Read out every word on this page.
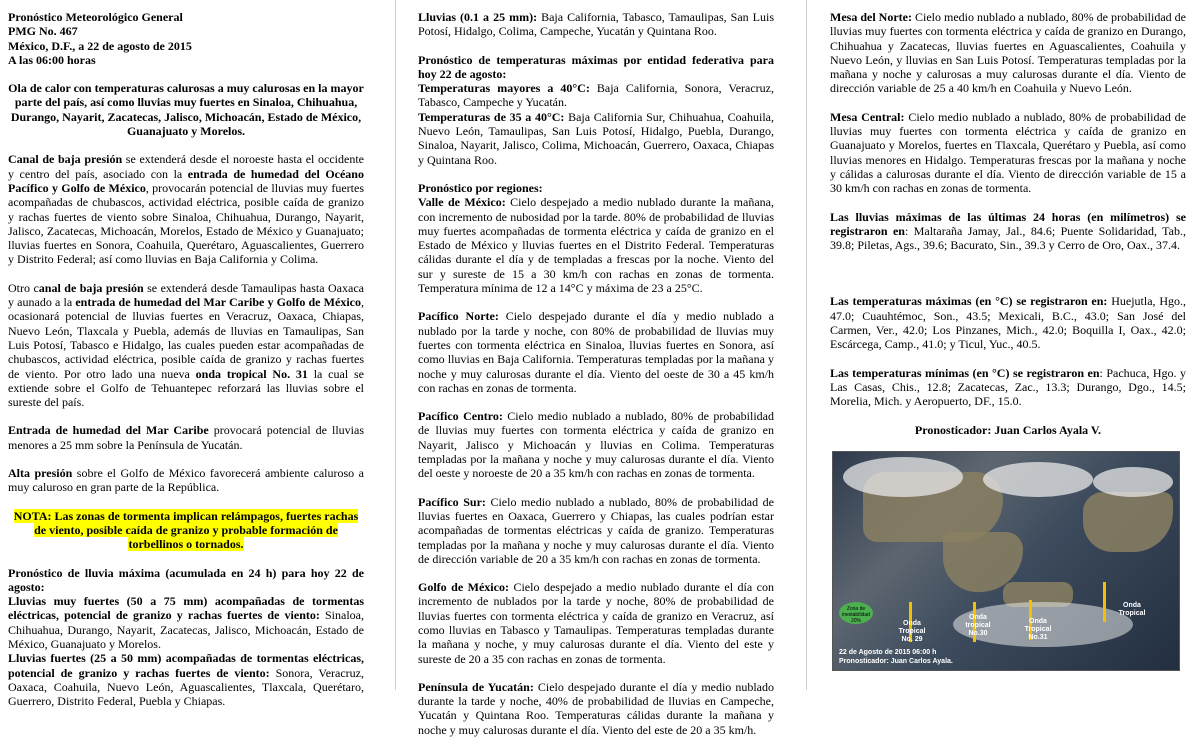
Pronóstico Meteorológico General

PMG No. 467

México, D.F., a 22 de agosto de 2015

A las 06:00 horas

Ola de calor con temperaturas calurosas a muy calurosas en la mayor parte del país, así como lluvias muy fuertes en Sinaloa, Chihuahua, Durango, Nayarit, Zacatecas, Jalisco, Michoacán, Estado de México, Guanajuato y Morelos.

Canal de baja presión se extenderá desde el noroeste hasta el occidente y centro del país, asociado con la entrada de humedad del Océano Pacífico y Golfo de México, provocarán potencial de lluvias muy fuertes acompañadas de chubascos, actividad eléctrica, posible caída de granizo y rachas fuertes de viento sobre Sinaloa, Chihuahua, Durango, Nayarit, Jalisco, Zacatecas, Michoacán, Morelos, Estado de México y Guanajuato; lluvias fuertes en Sonora, Coahuila, Querétaro, Aguascalientes, Guerrero y Distrito Federal; así como lluvias en Baja California y Colima.

Otro canal de baja presión se extenderá desde Tamaulipas hasta Oaxaca y aunado a la entrada de humedad del Mar Caribe y Golfo de México, ocasionará potencial de lluvias fuertes en Veracruz, Oaxaca, Chiapas, Nuevo León, Tlaxcala y Puebla, además de lluvias en Tamaulipas, San Luis Potosí, Tabasco e Hidalgo, las cuales pueden estar acompañadas de chubascos, actividad eléctrica, posible caída de granizo y rachas fuertes de viento. Por otro lado una nueva onda tropical No. 31 la cual se extiende sobre el Golfo de Tehuantepec reforzará las lluvias sobre el sureste del país.

Entrada de humedad del Mar Caribe provocará potencial de lluvias menores a 25 mm sobre la Península de Yucatán.

Alta presión sobre el Golfo de México favorecerá ambiente caluroso a muy caluroso en gran parte de la República.

NOTA: Las zonas de tormenta implican relámpagos, fuertes rachas de viento, posible caída de granizo y probable formación de torbellinos o tornados.

Pronóstico de lluvia máxima (acumulada en 24 h) para hoy 22 de agosto:

Lluvias muy fuertes (50 a 75 mm) acompañadas de tormentas eléctricas, potencial de granizo y rachas fuertes de viento: Sinaloa, Chihuahua, Durango, Nayarit, Zacatecas, Jalisco, Michoacán, Estado de México, Guanajuato y Morelos.

Lluvias fuertes (25 a 50 mm) acompañadas de tormentas eléctricas, potencial de granizo y rachas fuertes de viento: Sonora, Veracruz, Oaxaca, Coahuila, Nuevo León, Aguascalientes, Tlaxcala, Querétaro, Guerrero, Distrito Federal, Puebla y Chiapas.

Lluvias (0.1 a 25 mm): Baja California, Tabasco, Tamaulipas, San Luis Potosí, Hidalgo, Colima, Campeche, Yucatán y Quintana Roo.

Pronóstico de temperaturas máximas por entidad federativa para hoy 22 de agosto:

Temperaturas mayores a 40°C: Baja California, Sonora, Veracruz, Tabasco, Campeche y Yucatán.

Temperaturas de 35 a 40°C: Baja California Sur, Chihuahua, Coahuila, Nuevo León, Tamaulipas, San Luis Potosí, Hidalgo, Puebla, Durango, Sinaloa, Nayarit, Jalisco, Colima, Michoacán, Guerrero, Oaxaca, Chiapas y Quintana Roo.

Pronóstico por regiones:

Valle de México: Cielo despejado a medio nublado durante la mañana, con incremento de nubosidad por la tarde. 80% de probabilidad de lluvias muy fuertes acompañadas de tormenta eléctrica y caída de granizo en el Estado de México y lluvias fuertes en el Distrito Federal. Temperaturas cálidas durante el día y de templadas a frescas por la noche. Viento del sur y sureste de 15 a 30 km/h con rachas en zonas de tormenta. Temperatura mínima de 12 a 14°C y máxima de 23 a 25°C.

Pacífico Norte: Cielo despejado durante el día y medio nublado a nublado por la tarde y noche, con 80% de probabilidad de lluvias muy fuertes con tormenta eléctrica en Sinaloa, lluvias fuertes en Sonora, así como lluvias en Baja California. Temperaturas templadas por la mañana y noche y muy calurosas durante el día. Viento del oeste de 30 a 45 km/h con rachas en zonas de tormenta.

Pacífico Centro: Cielo medio nublado a nublado, 80% de probabilidad de lluvias muy fuertes con tormenta eléctrica y caída de granizo en Nayarit, Jalisco y Michoacán y lluvias en Colima. Temperaturas templadas por la mañana y noche y muy calurosas durante el día. Viento del oeste y noroeste de 20 a 35 km/h con rachas en zonas de tormenta.

Pacífico Sur: Cielo medio nublado a nublado, 80% de probabilidad de lluvias fuertes en Oaxaca, Guerrero y Chiapas, las cuales podrían estar acompañadas de tormentas eléctricas y caída de granizo. Temperaturas templadas por la mañana y noche y muy calurosas durante el día. Viento de dirección variable de 20 a 35 km/h con rachas en zonas de tormenta.

Golfo de México: Cielo despejado a medio nublado durante el día con incremento de nublados por la tarde y noche, 80% de probabilidad de lluvias fuertes con tormenta eléctrica y caída de granizo en Veracruz, así como lluvias en Tabasco y Tamaulipas. Temperaturas templadas durante la mañana y noche, y muy calurosas durante el día. Viento del este y sureste de 20 a 35 con rachas en zonas de tormenta.

Península de Yucatán: Cielo despejado durante el día y medio nublado durante la tarde y noche, 40% de probabilidad de lluvias en Campeche, Yucatán y Quintana Roo. Temperaturas cálidas durante la mañana y noche y muy calurosas durante el día. Viento del este de 20 a 35 km/h.

Mesa del Norte: Cielo medio nublado a nublado, 80% de probabilidad de lluvias muy fuertes con tormenta eléctrica y caída de granizo en Durango, Chihuahua y Zacatecas, lluvias fuertes en Aguascalientes, Coahuila y Nuevo León, y lluvias en San Luis Potosí. Temperaturas templadas por la mañana y noche y calurosas a muy calurosas durante el día. Viento de dirección variable de 25 a 40 km/h en Coahuila y Nuevo León.

Mesa Central: Cielo medio nublado a nublado, 80% de probabilidad de lluvias muy fuertes con tormenta eléctrica y caída de granizo en Guanajuato y Morelos, fuertes en Tlaxcala, Querétaro y Puebla, así como lluvias menores en Hidalgo. Temperaturas frescas por la mañana y noche y cálidas a calurosas durante el día. Viento de dirección variable de 15 a 30 km/h con rachas en zonas de tormenta.

Las lluvias máximas de las últimas 24 horas (en milímetros) se registraron en: Maltaraña Jamay, Jal., 84.6; Puente Solidaridad, Tab., 39.8; Piletas, Ags., 39.6; Bacurato, Sin., 39.3 y Cerro de Oro, Oax., 37.4.

Las temperaturas máximas (en °C) se registraron en: Huejutla, Hgo., 47.0; Cuauhtémoc, Son., 43.5; Mexicali, B.C., 43.0; San José del Carmen, Ver., 42.0; Los Pinzanes, Mich., 42.0; Boquilla I, Oax., 42.0; Escárcega, Camp., 41.0; y Ticul, Yuc., 40.5.

Las temperaturas mínimas (en °C) se registraron en: Pachuca, Hgo. y Las Casas, Chis., 12.8; Zacatecas, Zac., 13.3; Durango, Dgo., 14.5; Morelia, Mich. y Aeropuerto, DF., 15.0.

Pronosticador: Juan Carlos Ayala V.

Zona de inestabilidad 20%	Onda Tropical No. 29
Onda tropical No.30
Onda Tropical No.31
Onda Tropical
22 de Agosto de 2015 06:00 h
Pronosticador: Juan Carlos Ayala.
